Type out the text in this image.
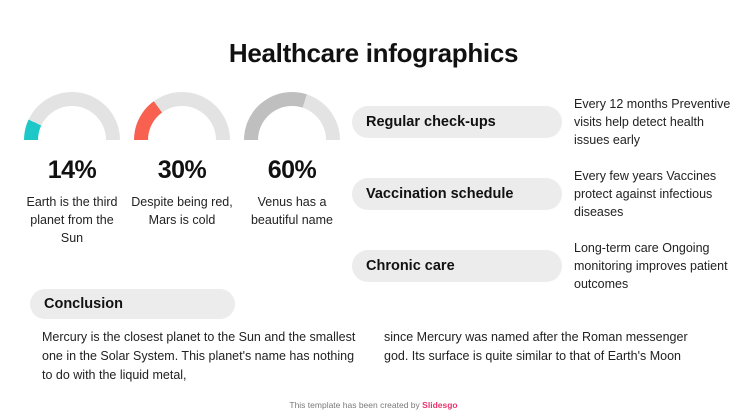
Healthcare infographics
14%
Earth is the third planet from the Sun
30%
Despite being red, Mars is cold
60%
Venus has a beautiful name
Regular check-ups
Every 12 months Preventive visits help detect health issues early
Vaccination schedule
Every few years Vaccines protect against infectious diseases
Chronic care
Long-term care Ongoing monitoring improves patient outcomes
Conclusion
Mercury is the closest planet to the Sun and the smallest one in the Solar System. This planet's name has nothing to do with the liquid metal,
since Mercury was named after the Roman messenger god. Its surface is quite similar to that of Earth's Moon
This template has been created by Slidesgo
